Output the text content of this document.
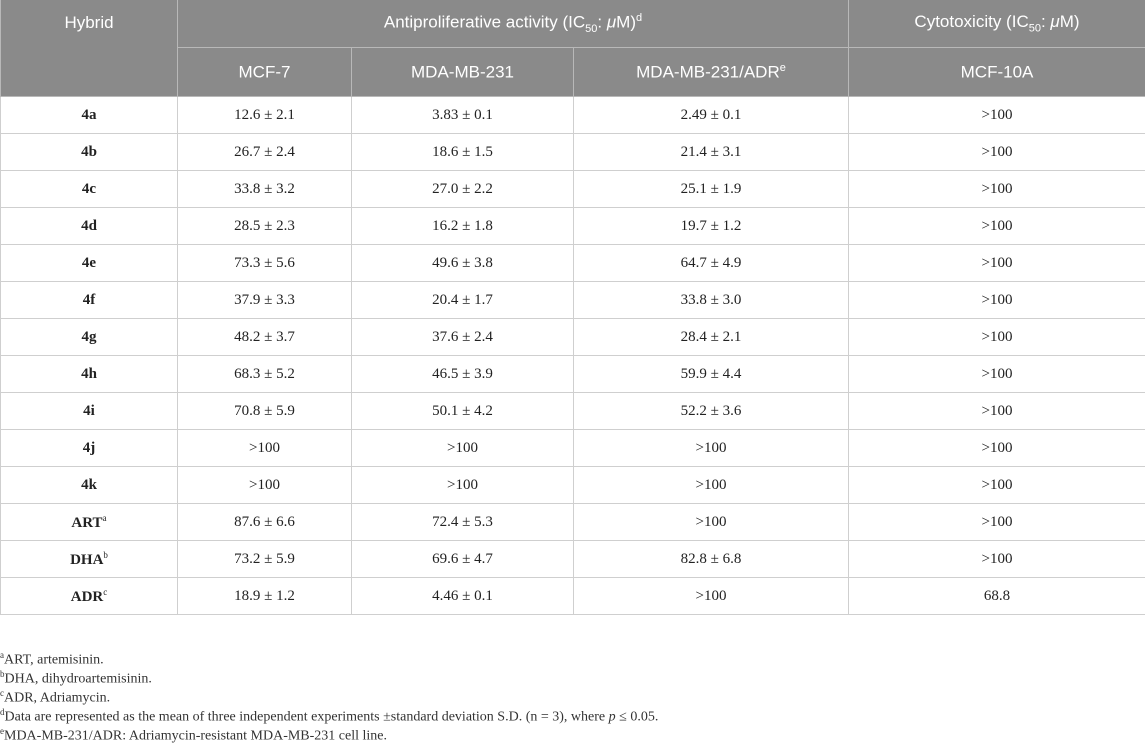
Hybrid	Antiproliferative activity ($IC_{50}$: μM)$^d$			Cytotoxicity ($IC_{50}$: μM)
	MCF-7	MDA-MB-231	MDA-MB-231/ADR$^e$	MCF-10A
4a	12.6 ± 2.1	3.83 ± 0.1	2.49 ± 0.1	>100
4b	26.7 ± 2.4	18.6 ± 1.5	21.4 ± 3.1	>100
4c	33.8 ± 3.2	27.0 ± 2.2	25.1 ± 1.9	>100
4d	28.5 ± 2.3	16.2 ± 1.8	19.7 ± 1.2	>100
4e	73.3 ± 5.6	49.6 ± 3.8	64.7 ± 4.9	>100
4f	37.9 ± 3.3	20.4 ± 1.7	33.8 ± 3.0	>100
4g	48.2 ± 3.7	37.6 ± 2.4	28.4 ± 2.1	>100
4h	68.3 ± 5.2	46.5 ± 3.9	59.9 ± 4.4	>100
4i	70.8 ± 5.9	50.1 ± 4.2	52.2 ± 3.6	>100
4j	>100	>100	>100	>100
4k	>100	>100	>100	>100
ART$^a$	87.6 ± 6.6	72.4 ± 5.3	>100	>100
DHA$^b$	73.2 ± 5.9	69.6 ± 4.7	82.8 ± 6.8	>100
ADR$^c$	18.9 ± 1.2	4.46 ± 0.1	>100	68.8
$^a$ART, artemisinin.
$^b$DHA, dihydroartemisinin.
$^c$ADR, Adriamycin.
$^d$Data are represented as the mean of three independent experiments ±standard deviation S.D. (n = 3), where p ≤ 0.05.
$^e$MDA-MB-231/ADR: Adriamycin-resistant MDA-MB-231 cell line.
